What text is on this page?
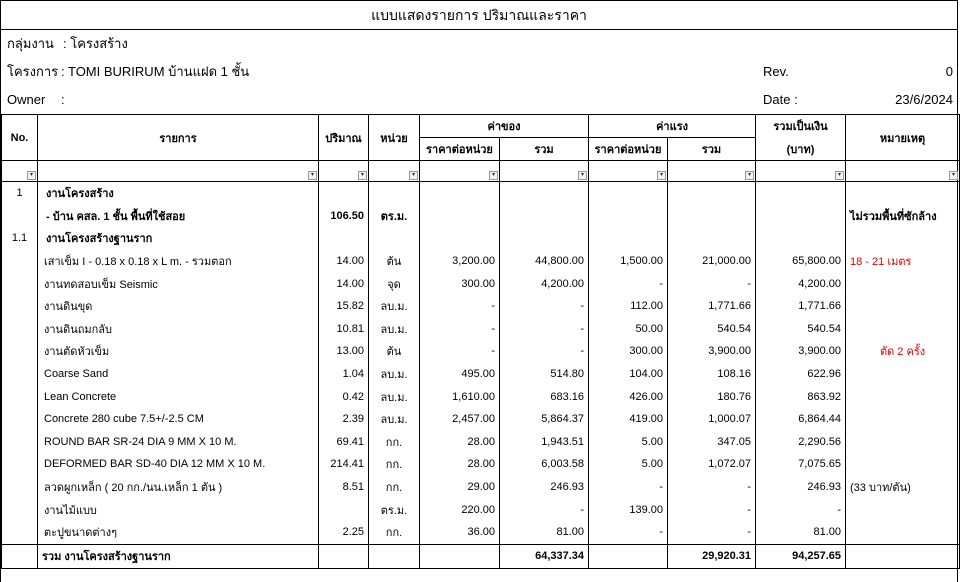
แบบแสดงรายการ ปริมาณและราคา
กลุ่มงาน : โครงสร้าง
โครงการ : TOMI BURIRUM บ้านแฝด 1 ชั้น	Rev.	0
Owner :	Date :	23/6/2024
No.	รายการ	ปริมาณ	หน่วย	ค่าของ		ค่าแรง		รวมเป็นเงิน	หมายเหตุ
				ราคาต่อหน่วย	รวม	ราคาต่อหน่วย	รวม	(บาท)	

▾	▾	▾	▾	▾	▾	▾	▾	▾	▾

1	งานโครงสร้าง								
	- บ้าน คสล. 1 ชั้น พื้นที่ใช้สอย	106.50	ตร.ม.						ไม่รวมพื้นที่ซักล้าง
1.1	งานโครงสร้างฐานราก								
	เสาเข็ม I - 0.18 x 0.18 x L m. - รวมตอก	14.00	ต้น	3,200.00	44,800.00	1,500.00	21,000.00	65,800.00	18 - 21 เมตร
	งานทดสอบเข็ม Seismic	14.00	จุด	300.00	4,200.00	-	-	4,200.00	
	งานดินขุด	15.82	ลบ.ม.	-	-	112.00	1,771.66	1,771.66	
	งานดินถมกลับ	10.81	ลบ.ม.	-	-	50.00	540.54	540.54	
	งานตัดหัวเข็ม	13.00	ต้น	-	-	300.00	3,900.00	3,900.00	ตัด 2 ครั้ง
	Coarse Sand	1.04	ลบ.ม.	495.00	514.80	104.00	108.16	622.96	
	Lean Concrete	0.42	ลบ.ม.	1,610.00	683.16	426.00	180.76	863.92	
	Concrete 280 cube 7.5+/-2.5 CM	2.39	ลบ.ม.	2,457.00	5,864.37	419.00	1,000.07	6,864.44	
	ROUND BAR SR-24 DIA 9 MM X 10 M.	69.41	กก.	28.00	1,943.51	5.00	347.05	2,290.56	
	DEFORMED BAR SD-40 DIA 12 MM X 10 M.	214.41	กก.	28.00	6,003.58	5.00	1,072.07	7,075.65	
	ลวดผูกเหล็ก ( 20 กก./นน.เหล็ก 1 ตัน )	8.51	กก.	29.00	246.93	-	-	246.93	(33 บาท/ตัน)
	งานไม้แบบ		ตร.ม.	220.00	-	139.00	-	-	
	ตะปูขนาดต่างๆ	2.25	กก.	36.00	81.00	-	-	81.00	
	รวม งานโครงสร้างฐานราก				64,337.34		29,920.31	94,257.65	
